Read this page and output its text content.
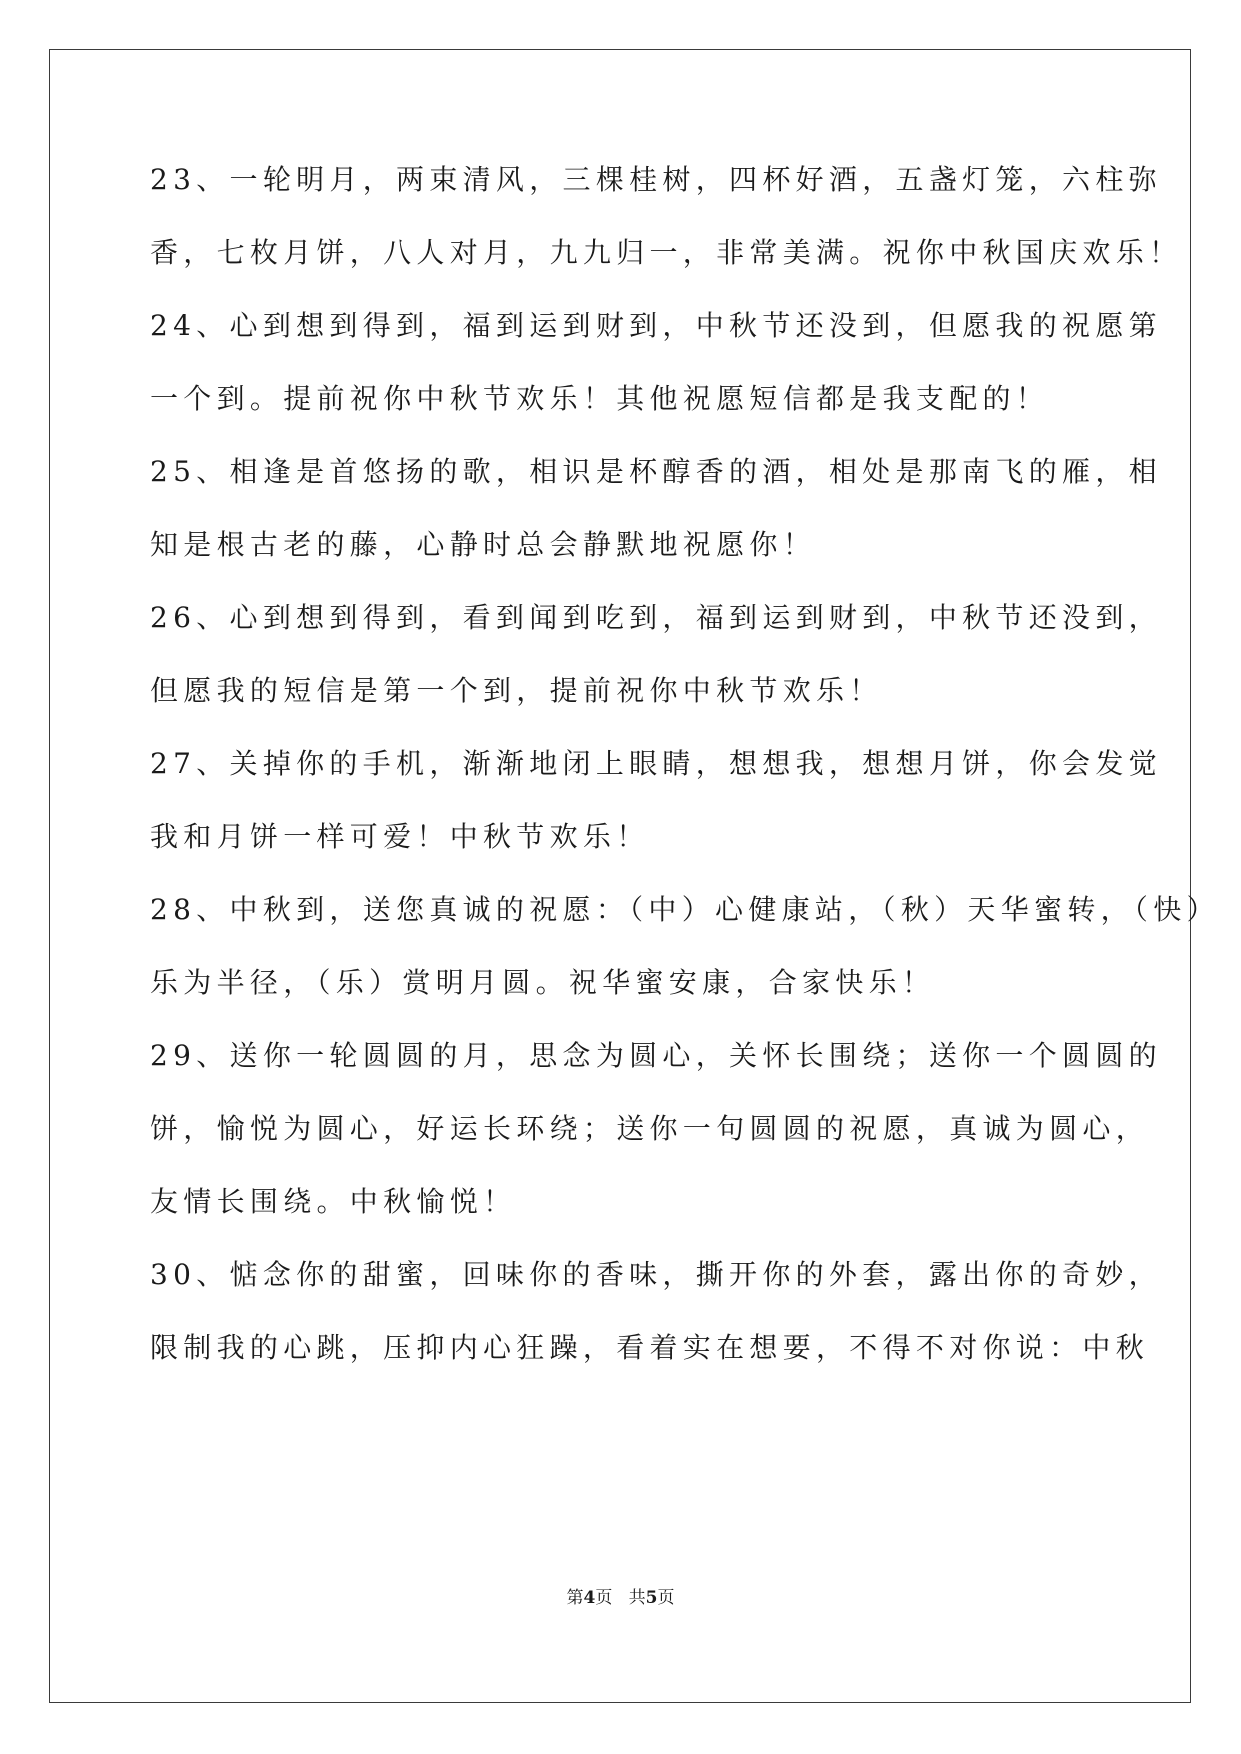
23、一轮明月，两束清风，三棵桂树，四杯好酒，五盏灯笼，六柱弥
香，七枚月饼，八人对月，九九归一，非常美满。祝你中秋国庆欢乐！
24、心到想到得到，福到运到财到，中秋节还没到，但愿我的祝愿第
一个到。提前祝你中秋节欢乐！其他祝愿短信都是我支配的！
25、相逢是首悠扬的歌，相识是杯醇香的酒，相处是那南飞的雁，相
知是根古老的藤，心静时总会静默地祝愿你！
26、心到想到得到，看到闻到吃到，福到运到财到，中秋节还没到，
但愿我的短信是第一个到，提前祝你中秋节欢乐！
27、关掉你的手机，渐渐地闭上眼睛，想想我，想想月饼，你会发觉
我和月饼一样可爱！中秋节欢乐！
28、中秋到，送您真诚的祝愿：（中）心健康站，（秋）天华蜜转，（快）
乐为半径，（乐）赏明月圆。祝华蜜安康，合家快乐！
29、送你一轮圆圆的月，思念为圆心，关怀长围绕；送你一个圆圆的
饼，愉悦为圆心，好运长环绕；送你一句圆圆的祝愿，真诚为圆心，
友情长围绕。中秋愉悦！
30、惦念你的甜蜜，回味你的香味，撕开你的外套，露出你的奇妙，
限制我的心跳，压抑内心狂躁，看着实在想要，不得不对你说：中秋
第4页 共5页
